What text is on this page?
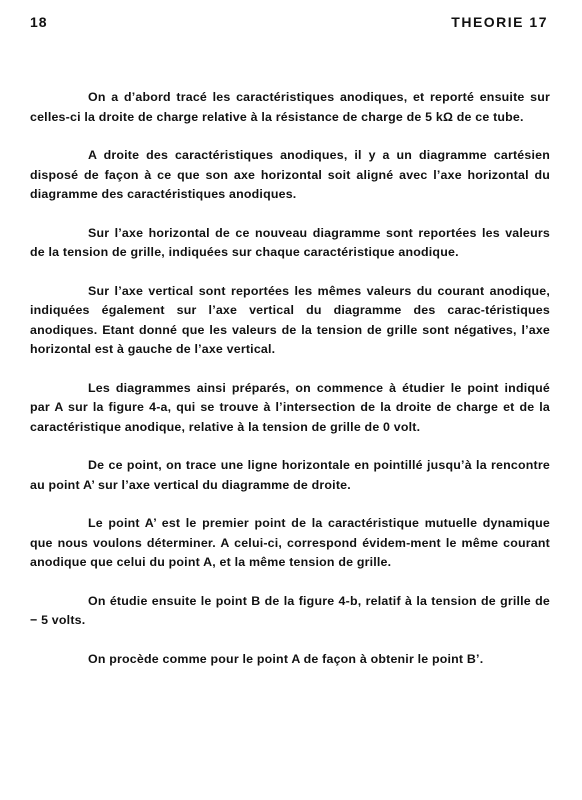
18	THEORIE 17

On a d’abord tracé les caractéristiques anodiques, et reporté ensuite sur celles-ci la droite de charge relative à la résistance de charge de 5 kΩ de ce tube.

A droite des caractéristiques anodiques, il y a un diagramme cartésien disposé de façon à ce que son axe horizontal soit aligné avec l’axe horizontal du diagramme des caractéristiques anodiques.

Sur l’axe horizontal de ce nouveau diagramme sont reportées les valeurs de la tension de grille, indiquées sur chaque caractéristique anodique.

Sur l’axe vertical sont reportées les mêmes valeurs du courant anodique, indiquées également sur l’axe vertical du diagramme des carac-téristiques anodiques. Etant donné que les valeurs de la tension de grille sont négatives, l’axe horizontal est à gauche de l’axe vertical.

Les diagrammes ainsi préparés, on commence à étudier le point indiqué par A sur la figure 4-a, qui se trouve à l’intersection de la droite de charge et de la caractéristique anodique, relative à la tension de grille de 0 volt.

De ce point, on trace une ligne horizontale en pointillé jusqu’à la rencontre au point A’ sur l’axe vertical du diagramme de droite.

Le point A’ est le premier point de la caractéristique mutuelle dynamique que nous voulons déterminer. A celui-ci, correspond évidem-ment le même courant anodique que celui du point A, et la même tension de grille.

On étudie ensuite le point B de la figure 4-b, relatif à la tension de grille de − 5 volts.

On procède comme pour le point A de façon à obtenir le point B’.
